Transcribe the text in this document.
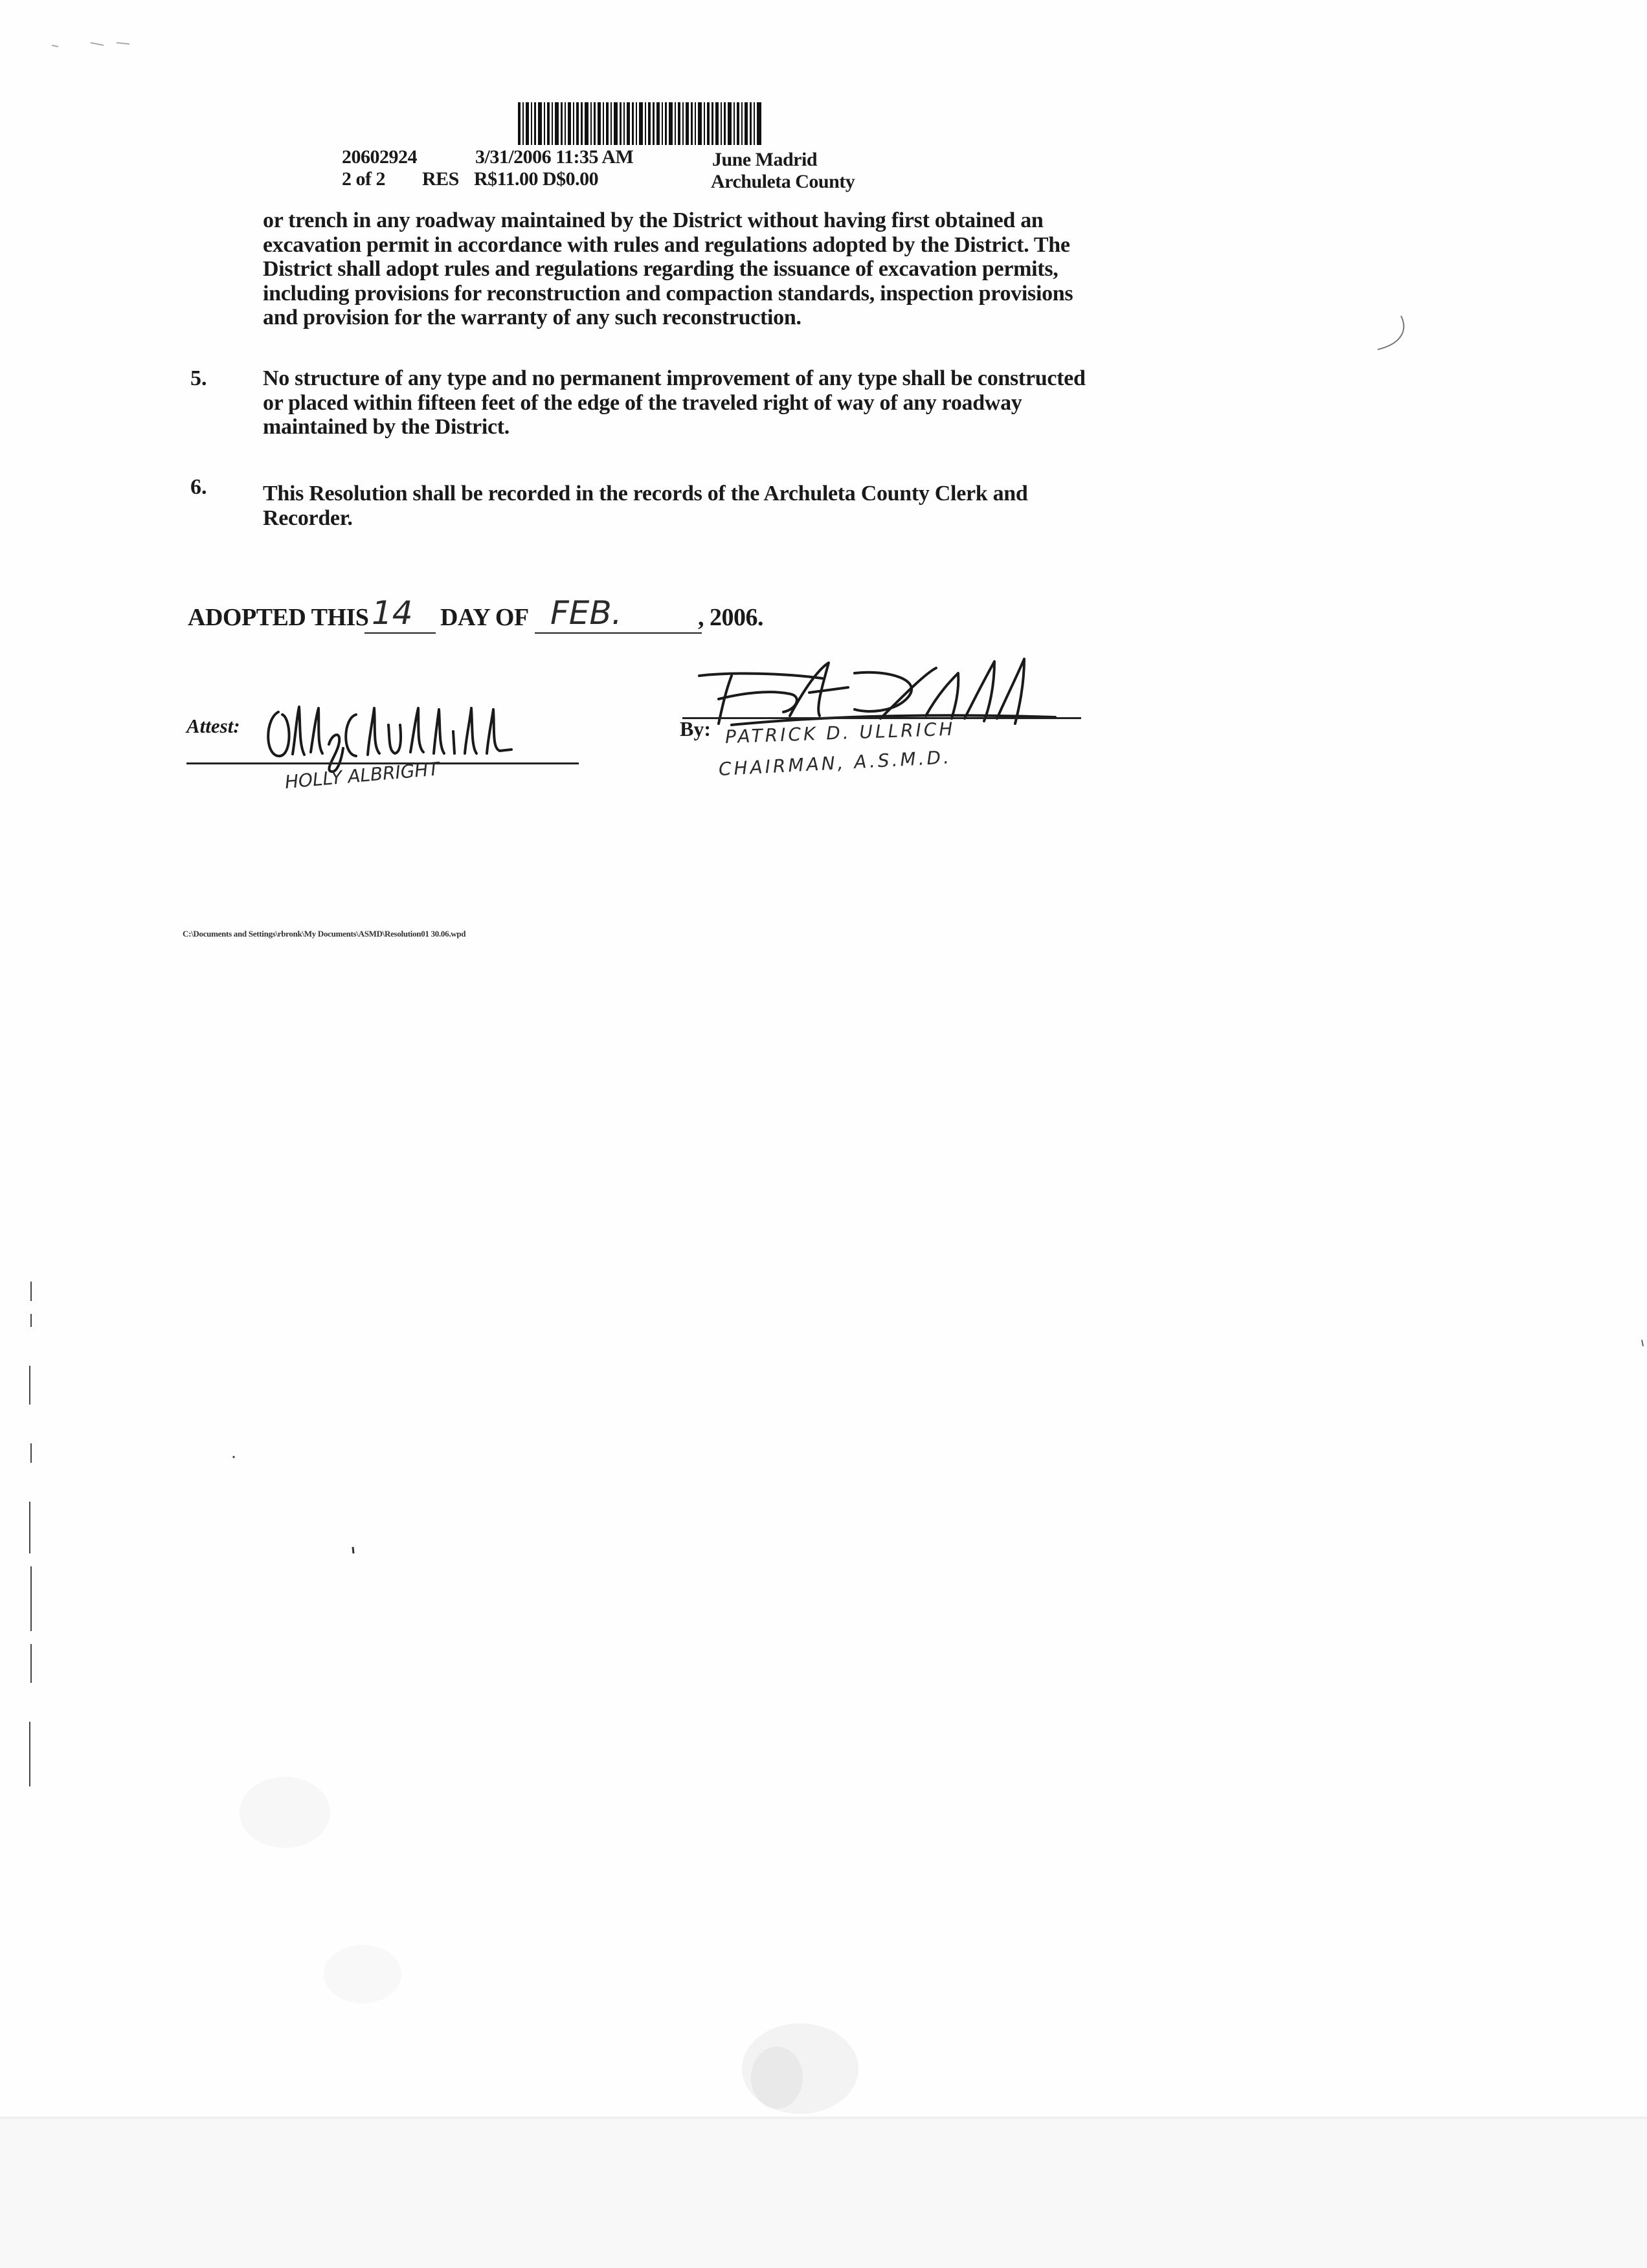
20602924
2 of 2
3/31/2006 11:35 AM
RES R$11.00 D$0.00
June Madrid
Archuleta County
or trench in any roadway maintained by the District without having first obtained an
excavation permit in accordance with rules and regulations adopted by the District. The
District shall adopt rules and regulations regarding the issuance of excavation permits,
including provisions for reconstruction and compaction standards, inspection provisions
and provision for the warranty of any such reconstruction.
5.	No structure of any type and no permanent improvement of any type shall be constructed
or placed within fifteen feet of the edge of the traveled right of way of any roadway
maintained by the District.
6.	This Resolution shall be recorded in the records of the Archuleta County Clerk and
Recorder.
ADOPTED THIS 14 DAY OF FEB.	, 2006.
Attest:
HOLLY ALBRIGHT
By: PATRICK D. ULLRICH
CHAIRMAN, A.S.M.D.
C:\Documents and Settings\rbronk\My Documents\ASMD\Resolution01 30.06.wpd
